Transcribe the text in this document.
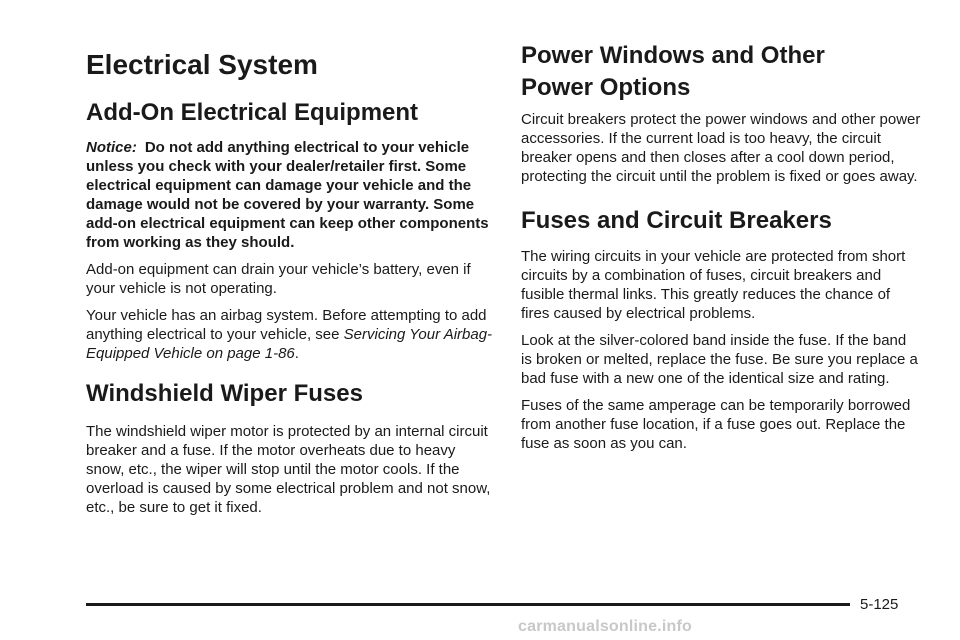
Electrical System
Add-On Electrical Equipment

Notice: Do not add anything electrical to your vehicle unless you check with your dealer/retailer first. Some electrical equipment can damage your vehicle and the damage would not be covered by your warranty. Some add-on electrical equipment can keep other components from working as they should.

Add-on equipment can drain your vehicle’s battery, even if your vehicle is not operating.

Your vehicle has an airbag system. Before attempting to add anything electrical to your vehicle, see Servicing Your Airbag-Equipped Vehicle on page 1-86.

Windshield Wiper Fuses

The windshield wiper motor is protected by an internal circuit breaker and a fuse. If the motor overheats due to heavy snow, etc., the wiper will stop until the motor cools. If the overload is caused by some electrical problem and not snow, etc., be sure to get it fixed.

Power Windows and Other
Power Options

Circuit breakers protect the power windows and other power accessories. If the current load is too heavy, the circuit breaker opens and then closes after a cool down period, protecting the circuit until the problem is fixed or goes away.

Fuses and Circuit Breakers

The wiring circuits in your vehicle are protected from short circuits by a combination of fuses, circuit breakers and fusible thermal links. This greatly reduces the chance of fires caused by electrical problems.

Look at the silver-colored band inside the fuse. If the band is broken or melted, replace the fuse. Be sure you replace a bad fuse with a new one of the identical size and rating.

Fuses of the same amperage can be temporarily borrowed from another fuse location, if a fuse goes out. Replace the fuse as soon as you can.

5-125
carmanualsonline.info
